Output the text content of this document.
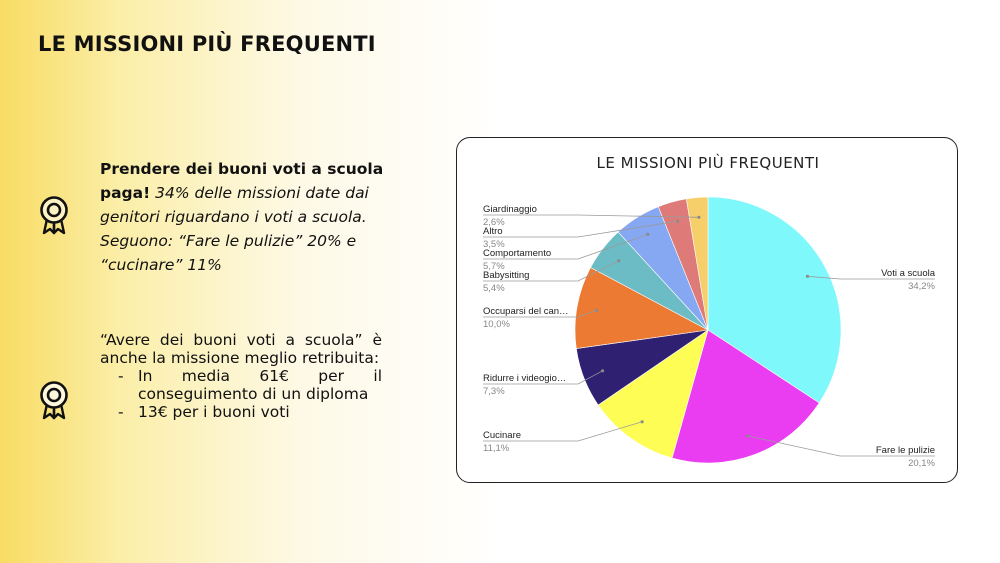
LE MISSIONI PIÙ FREQUENTI
Prendere dei buoni voti a scuola paga! 34% delle missioni date dai genitori riguardano i voti a scuola. Seguono: “Fare le pulizie” 20% e “cucinare” 11%
“Avere dei buoni voti a scuola” è anche la missione meglio retribuita:
- In media 61€ per il conseguimento di un diploma
- 13€ per i buoni voti
LE MISSIONI PIÙ FREQUENTI
Voti a scuola
34,2%
Fare le pulizie
20,1%
Cucinare
11,1%
Ridurre i videogio…
7,3%
Occuparsi del can…
10,0%
Babysitting
5,4%
Comportamento
5,7%
Altro
3,5%
Giardinaggio
2,6%
